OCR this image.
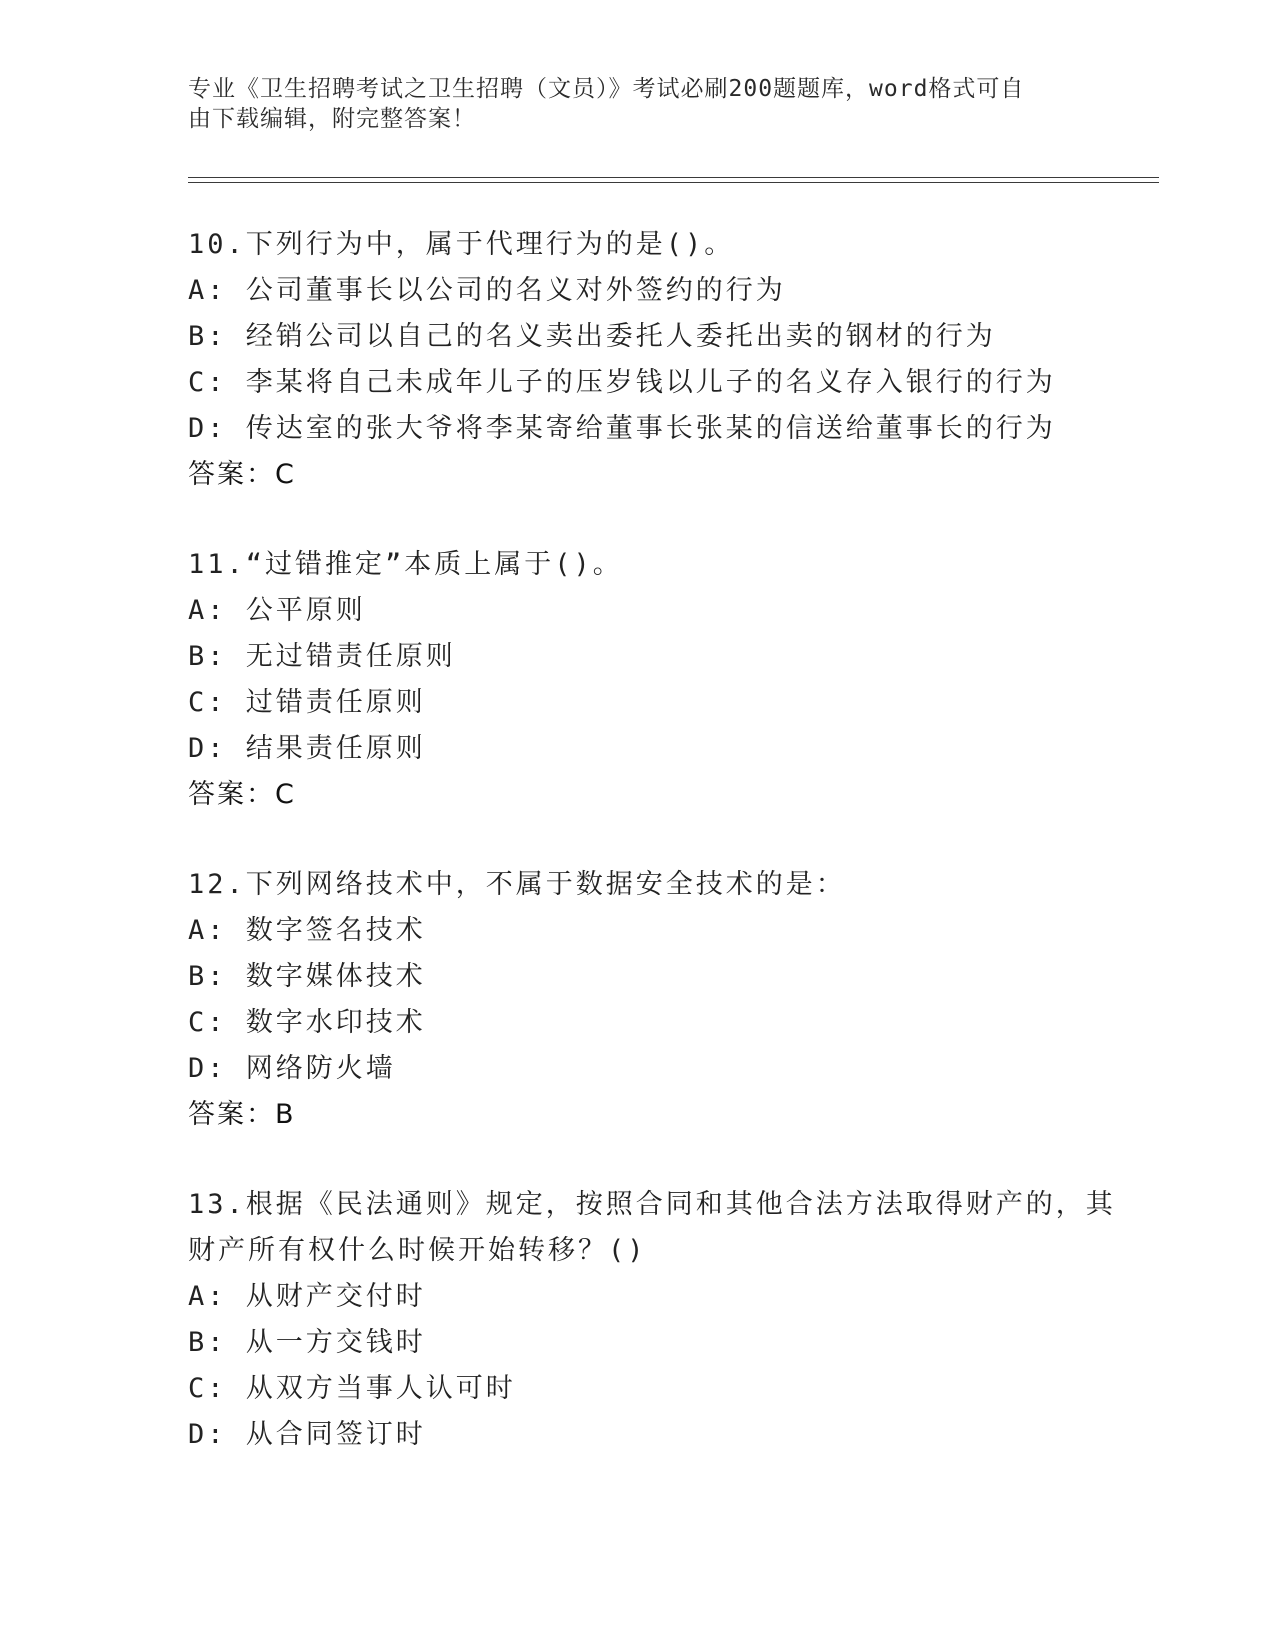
专业《卫生招聘考试之卫生招聘（文员）》考试必刷200题题库，word格式可自
由下载编辑，附完整答案！
10.下列行为中，属于代理行为的是()。
A: 公司董事长以公司的名义对外签约的行为
B: 经销公司以自己的名义卖出委托人委托出卖的钢材的行为
C: 李某将自己未成年儿子的压岁钱以儿子的名义存入银行的行为
D: 传达室的张大爷将李某寄给董事长张某的信送给董事长的行为
答案：C
11.“过错推定”本质上属于()。
A: 公平原则
B: 无过错责任原则
C: 过错责任原则
D: 结果责任原则
答案：C
12.下列网络技术中，不属于数据安全技术的是：
A: 数字签名技术
B: 数字媒体技术
C: 数字水印技术
D: 网络防火墙
答案：B
13.根据《民法通则》规定，按照合同和其他合法方法取得财产的，其
财产所有权什么时候开始转移？()
A: 从财产交付时
B: 从一方交钱时
C: 从双方当事人认可时
D: 从合同签订时
